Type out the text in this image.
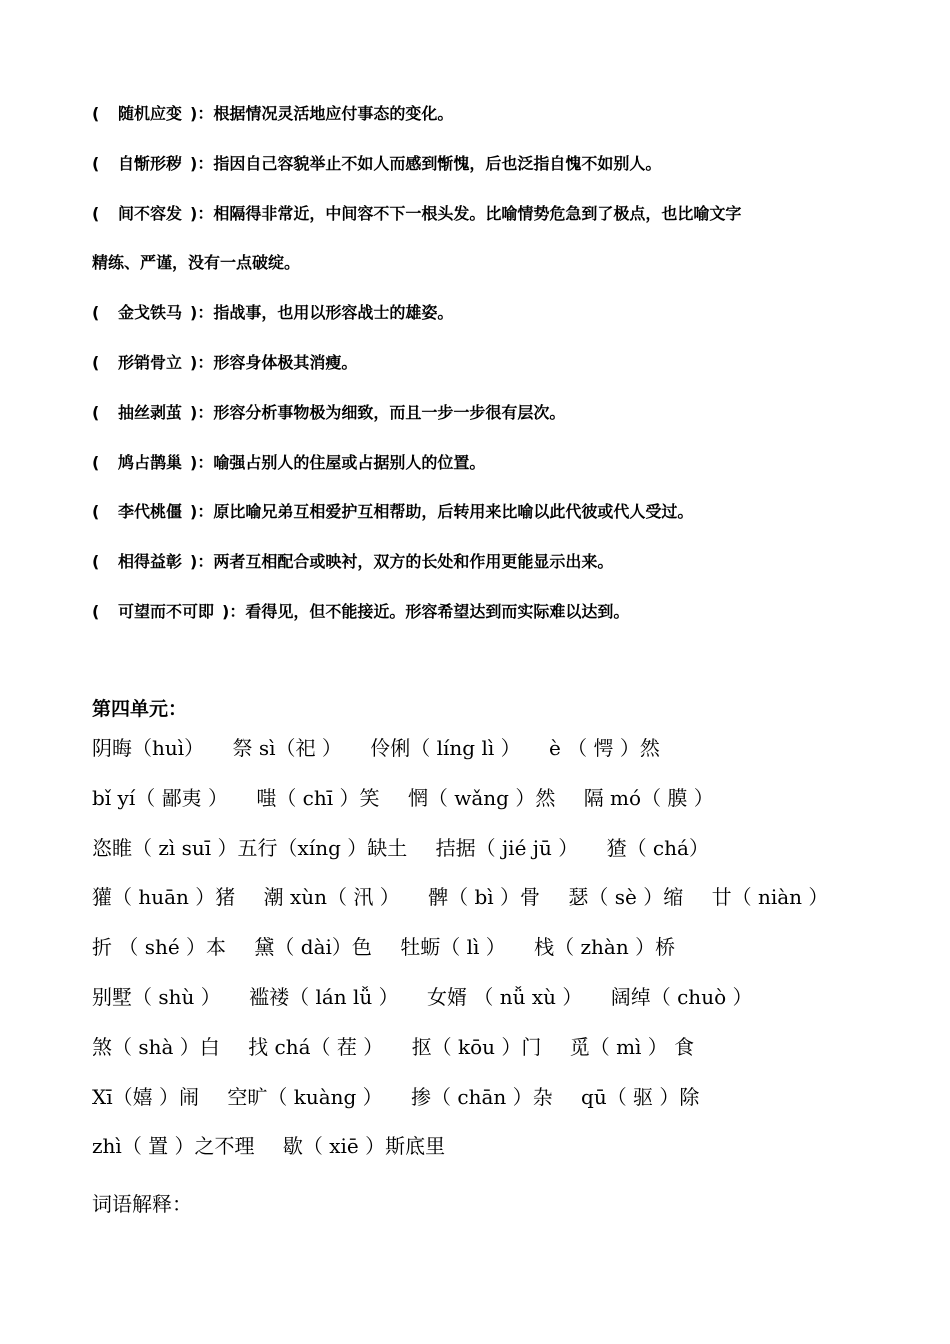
( 随机应变 )：根据情况灵活地应付事态的变化。
( 自惭形秽 )：指因自己容貌举止不如人而感到惭愧，后也泛指自愧不如别人。
( 间不容发 )：相隔得非常近，中间容不下一根头发。比喻情势危急到了极点，也比喻文字
精练、严谨，没有一点破绽。
( 金戈铁马 )：指战事，也用以形容战士的雄姿。
( 形销骨立 )：形容身体极其消瘦。
( 抽丝剥茧 )：形容分析事物极为细致，而且一步一步很有层次。
( 鸠占鹊巢 )：喻强占别人的住屋或占据别人的位置。
( 李代桃僵 )：原比喻兄弟互相爱护互相帮助，后转用来比喻以此代彼或代人受过。
( 相得益彰 )：两者互相配合或映衬，双方的长处和作用更能显示出来。
( 可望而不可即 )：看得见，但不能接近。形容希望达到而实际难以达到。
第四单元：
阴晦（huì） 祭 sì（祀 ） 伶俐（ líng lì ） è （ 愕 ）然
bǐ yí（ 鄙夷 ） 嗤（ chī ）笑 惘（ wǎng ）然 隔 mó（ 膜 ）
恣睢（ zì suī ）五行（xíng ）缺土 拮据（ jié jū ） 猹（ chá）
獾（ huān ）猪 潮 xùn（ 汛 ） 髀（ bì ）骨 瑟（ sè ）缩 廿（ niàn ）
折 （ shé ）本 黛（ dài）色 牡蛎（ lì ） 栈（ zhàn ）桥
别墅（ shù ） 褴褛（ lán lǚ ） 女婿 （ nǚ xù ） 阔绰（ chuò ）
煞（ shà ）白 找 chá（ 茬 ） 抠（ kōu ）门 觅（ mì ） 食
Xī（嬉 ）闹 空旷（ kuàng ） 掺（ chān ）杂 qū（ 驱 ）除
zhì（ 置 ）之不理 歇（ xiē ）斯底里
词语解释：
